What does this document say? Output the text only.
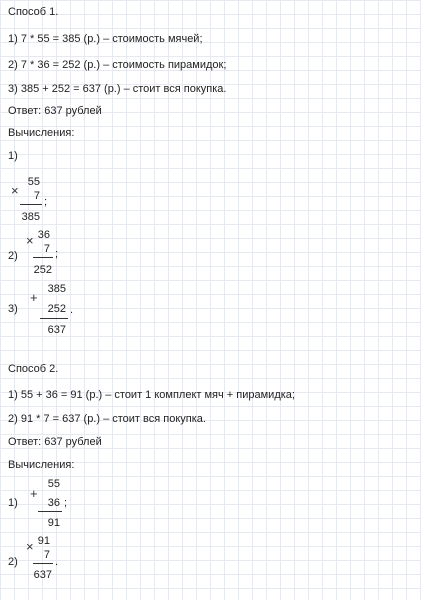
Способ 1.
1) 7 * 55 = 385 (р.) – стоимость мячей;
2) 7 * 36 = 252 (р.) – стоимость пирамидок;
3) 385 + 252 = 637 (р.) – стоит вся покупка.
Ответ: 637 рублей
Вычисления:
1)
×
55
7 ;
385
2)
× 36
7 ;
252
3)
+
385
252 .
637
Способ 2.
1) 55 + 36 = 91 (р.) – стоит 1 комплект мяч + пирамидка;
2) 91 * 7 = 637 (р.) – стоит вся покупка.
Ответ: 637 рублей
Вычисления:
1)
+
55
36 ;
91
2)
× 91
7
.
637
